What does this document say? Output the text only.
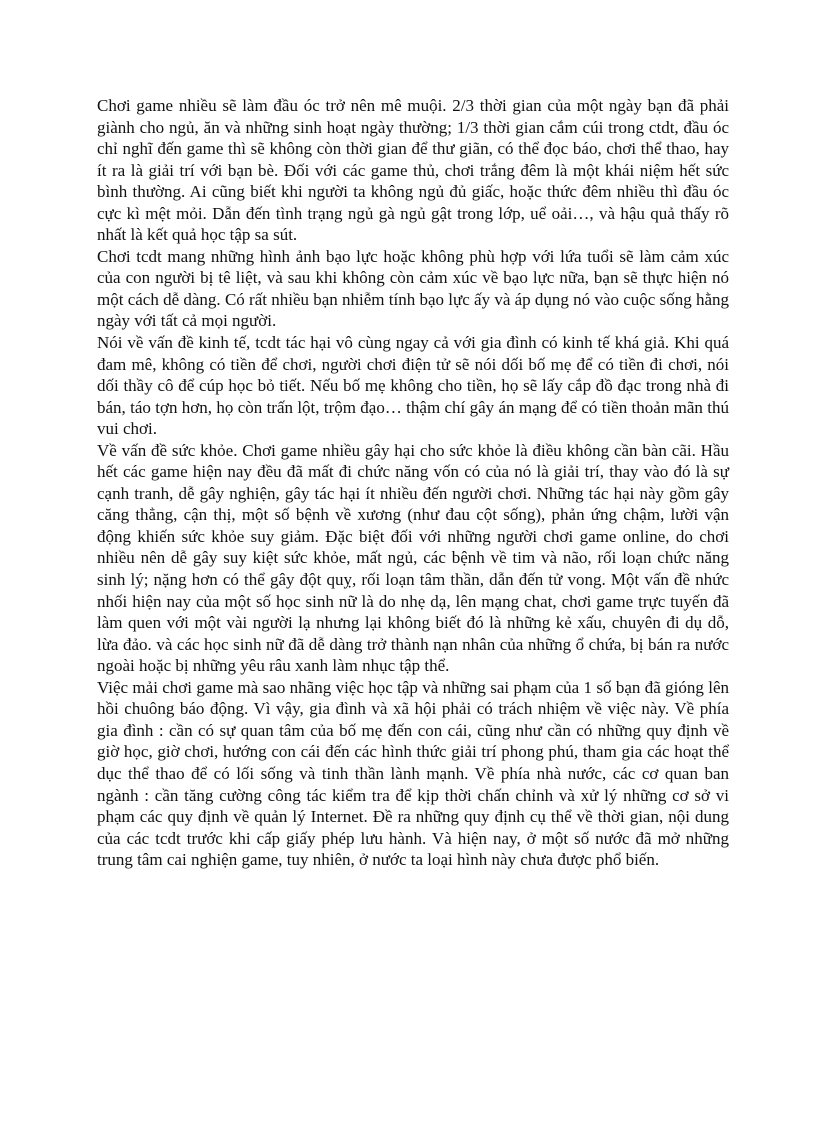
Chơi game nhiều sẽ làm đầu óc trở nên mê muội. 2/3 thời gian của một ngày bạn đã phải giành cho ngủ, ăn và những sinh hoạt ngày thường; 1/3 thời gian cắm cúi trong ctdt, đầu óc chỉ nghĩ đến game thì sẽ không còn thời gian để thư giãn, có thể đọc báo, chơi thể thao, hay ít ra là giải trí với bạn bè. Đối với các game thủ, chơi trắng đêm là một khái niệm hết sức bình thường. Ai cũng biết khi người ta không ngủ đủ giấc, hoặc thức đêm nhiều thì đầu óc cực kì mệt mỏi. Dẫn đến tình trạng ngủ gà ngủ gật trong lớp, uể oải…, và hậu quả thấy rõ nhất là kết quả học tập sa sút.

Chơi tcdt mang những hình ảnh bạo lực hoặc không phù hợp với lứa tuổi sẽ làm cảm xúc của con người bị tê liệt, và sau khi không còn cảm xúc về bạo lực nữa, bạn sẽ thực hiện nó một cách dễ dàng. Có rất nhiều bạn nhiễm tính bạo lực ấy và áp dụng nó vào cuộc sống hằng ngày với tất cả mọi người.

Nói về vấn đề kinh tế, tcdt tác hại vô cùng ngay cả với gia đình có kinh tế khá giả. Khi quá đam mê, không có tiền để chơi, người chơi điện tử sẽ nói dối bố mẹ để có tiền đi chơi, nói dối thầy cô để cúp học bỏ tiết. Nếu bố mẹ không cho tiền, họ sẽ lấy cắp đồ đạc trong nhà đi bán, táo tợn hơn, họ còn trấn lột, trộm đạo… thậm chí gây án mạng để có tiền thoản mãn thú vui chơi.

Về vấn đề sức khỏe. Chơi game nhiều gây hại cho sức khỏe là điều không cần bàn cãi. Hầu hết các game hiện nay đều đã mất đi chức năng vốn có của nó là giải trí, thay vào đó là sự cạnh tranh, dễ gây nghiện, gây tác hại ít nhiều đến người chơi. Những tác hại này gồm gây căng thẳng, cận thị, một số bệnh về xương (như đau cột sống), phản ứng chậm, lười vận động khiến sức khỏe suy giảm. Đặc biệt đối với những người chơi game online, do chơi nhiều nên dễ gây suy kiệt sức khỏe, mất ngủ, các bệnh về tim và não, rối loạn chức năng sinh lý; nặng hơn có thể gây đột quỵ, rối loạn tâm thần, dẫn đến tử vong. Một vấn đề nhức nhối hiện nay của một số học sinh nữ là do nhẹ dạ, lên mạng chat, chơi game trực tuyến đã làm quen với một vài người lạ nhưng lại không biết đó là những kẻ xấu, chuyên đi dụ dỗ, lừa đảo. và các học sinh nữ đã dễ dàng trở thành nạn nhân của những ổ chứa, bị bán ra nước ngoài hoặc bị những yêu râu xanh làm nhục tập thể.

Việc mải chơi game mà sao nhãng việc học tập và những sai phạm của 1 số bạn đã gióng lên hồi chuông báo động. Vì vậy, gia đình và xã hội phải có trách nhiệm về việc này. Về phía gia đình : cần có sự quan tâm của bố mẹ đến con cái, cũng như cần có những quy định về giờ học, giờ chơi, hướng con cái đến các hình thức giải trí phong phú, tham gia các hoạt thể dục thể thao để có lối sống và tinh thần lành mạnh. Về phía nhà nước, các cơ quan ban ngành : cần tăng cường công tác kiểm tra để kịp thời chấn chỉnh và xử lý những cơ sở vi phạm các quy định về quản lý Internet. Đề ra những quy định cụ thể về thời gian, nội dung của các tcdt trước khi cấp giấy phép lưu hành. Và hiện nay, ở một số nước đã mở những trung tâm cai nghiện game, tuy nhiên, ở nước ta loại hình này chưa được phổ biến.
